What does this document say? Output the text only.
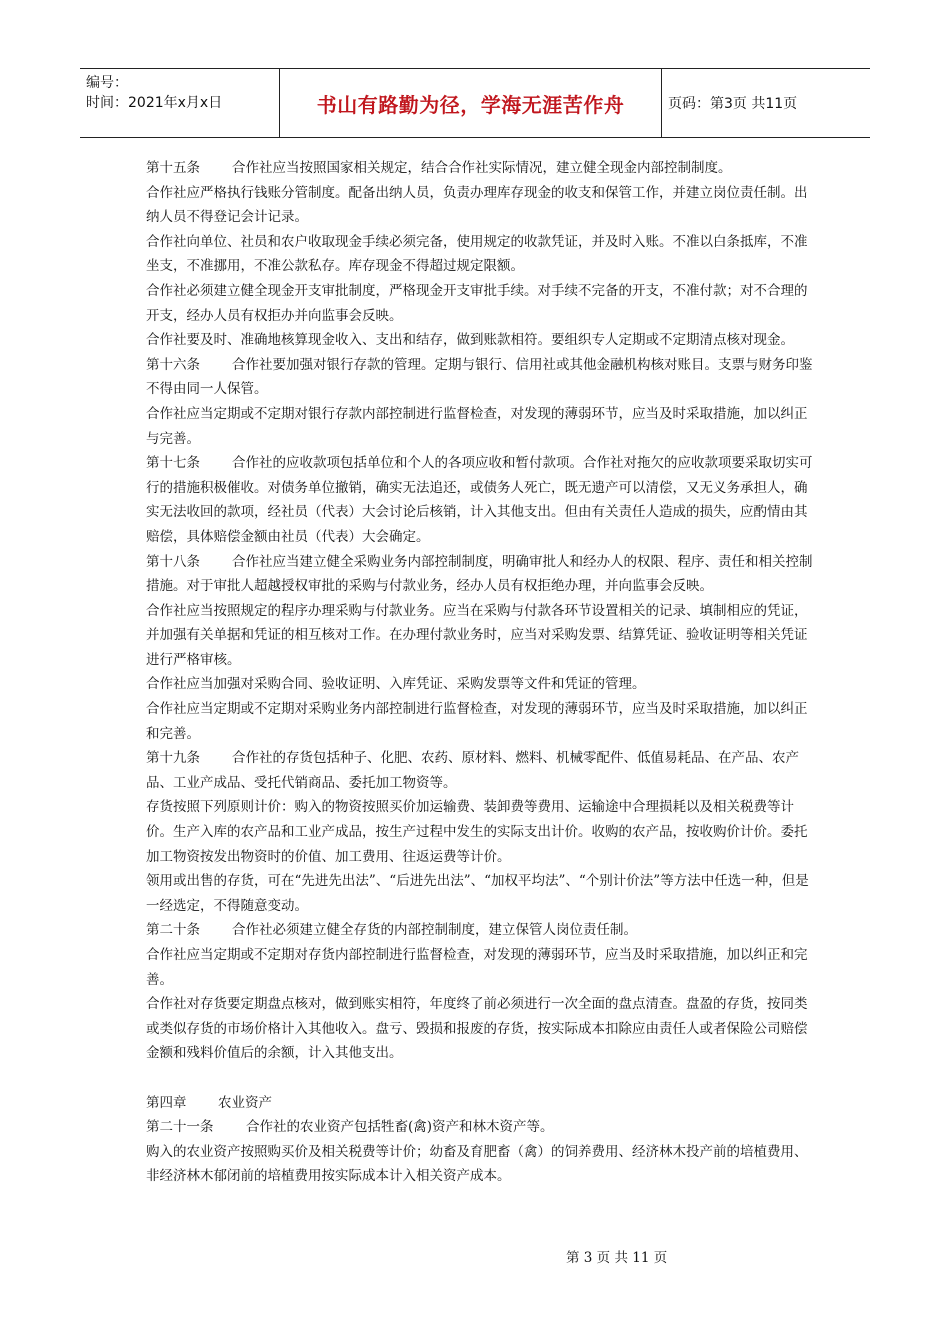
编号：
时间：2021年x月x日	书山有路勤为径，学海无涯苦作舟	页码：第3页 共11页

第十五条 合作社应当按照国家相关规定，结合合作社实际情况，建立健全现金内部控制制度。

合作社应严格执行钱账分管制度。配备出纳人员，负责办理库存现金的收支和保管工作，并建立岗位责任制。出纳人员不得登记会计记录。

合作社向单位、社员和农户收取现金手续必须完备，使用规定的收款凭证，并及时入账。不准以白条抵库，不准坐支，不准挪用，不准公款私存。库存现金不得超过规定限额。

合作社必须建立健全现金开支审批制度，严格现金开支审批手续。对手续不完备的开支，不准付款；对不合理的开支，经办人员有权拒办并向监事会反映。

合作社要及时、准确地核算现金收入、支出和结存，做到账款相符。要组织专人定期或不定期清点核对现金。

第十六条 合作社要加强对银行存款的管理。定期与银行、信用社或其他金融机构核对账目。支票与财务印鉴不得由同一人保管。

合作社应当定期或不定期对银行存款内部控制进行监督检查，对发现的薄弱环节，应当及时采取措施，加以纠正与完善。

第十七条 合作社的应收款项包括单位和个人的各项应收和暂付款项。合作社对拖欠的应收款项要采取切实可行的措施积极催收。对债务单位撤销，确实无法追还，或债务人死亡，既无遗产可以清偿，又无义务承担人，确实无法收回的款项，经社员（代表）大会讨论后核销，计入其他支出。但由有关责任人造成的损失，应酌情由其赔偿，具体赔偿金额由社员（代表）大会确定。

第十八条 合作社应当建立健全采购业务内部控制制度，明确审批人和经办人的权限、程序、责任和相关控制措施。对于审批人超越授权审批的采购与付款业务，经办人员有权拒绝办理，并向监事会反映。

合作社应当按照规定的程序办理采购与付款业务。应当在采购与付款各环节设置相关的记录、填制相应的凭证，并加强有关单据和凭证的相互核对工作。在办理付款业务时，应当对采购发票、结算凭证、验收证明等相关凭证进行严格审核。

合作社应当加强对采购合同、验收证明、入库凭证、采购发票等文件和凭证的管理。

合作社应当定期或不定期对采购业务内部控制进行监督检查，对发现的薄弱环节，应当及时采取措施，加以纠正和完善。

第十九条 合作社的存货包括种子、化肥、农药、原材料、燃料、机械零配件、低值易耗品、在产品、农产品、工业产成品、受托代销商品、委托加工物资等。

存货按照下列原则计价：购入的物资按照买价加运输费、装卸费等费用、运输途中合理损耗以及相关税费等计价。生产入库的农产品和工业产成品，按生产过程中发生的实际支出计价。收购的农产品，按收购价计价。委托加工物资按发出物资时的价值、加工费用、往返运费等计价。

领用或出售的存货，可在“先进先出法”、“后进先出法”、“加权平均法”、“个别计价法”等方法中任选一种，但是一经选定，不得随意变动。

第二十条 合作社必须建立健全存货的内部控制制度，建立保管人岗位责任制。

合作社应当定期或不定期对存货内部控制进行监督检查，对发现的薄弱环节，应当及时采取措施，加以纠正和完善。

合作社对存货要定期盘点核对，做到账实相符，年度终了前必须进行一次全面的盘点清查。盘盈的存货，按同类或类似存货的市场价格计入其他收入。盘亏、毁损和报废的存货，按实际成本扣除应由责任人或者保险公司赔偿金额和残料价值后的余额，计入其他支出。

第四章 农业资产

第二十一条 合作社的农业资产包括牲畜(禽)资产和林木资产等。

购入的农业资产按照购买价及相关税费等计价；幼畜及育肥畜（禽）的饲养费用、经济林木投产前的培植费用、非经济林木郁闭前的培植费用按实际成本计入相关资产成本。

第 3 页 共 11 页
